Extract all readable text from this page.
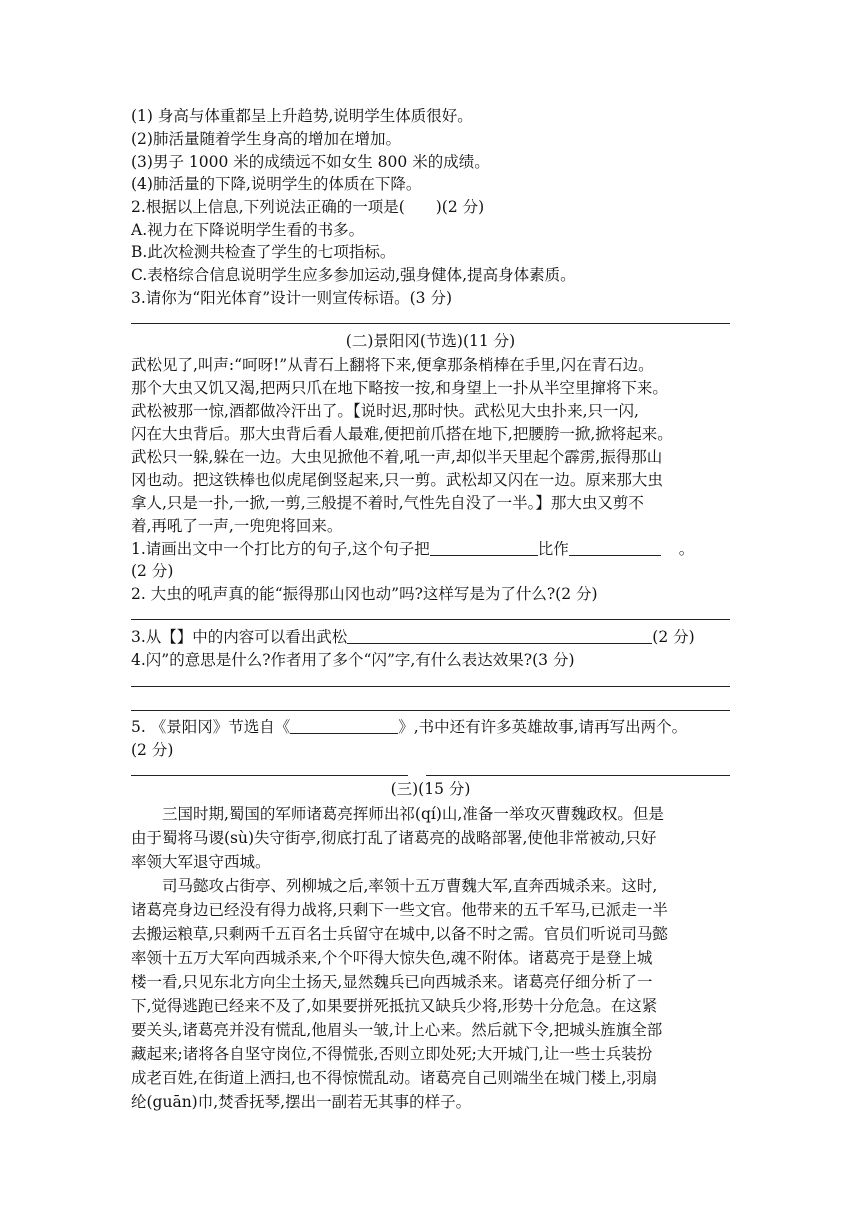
(1) 身高与体重都呈上升趋势,说明学生体质很好。
(2)肺活量随着学生身高的增加在增加。
(3)男子 1000 米的成绩远不如女生 800 米的成绩。
(4)肺活量的下降,说明学生的体质在下降。
2.根据以上信息,下列说法正确的一项是(　　)(2 分)
A.视力在下降说明学生看的书多。
B.此次检测共检查了学生的七项指标。
C.表格综合信息说明学生应多参加运动,强身健体,提高身体素质。
3.请你为“阳光体育”设计一则宣传标语。(3 分)
(二)景阳冈(节选)(11 分)
武松见了,叫声:“呵呀!”从青石上翻将下来,便拿那条梢棒在手里,闪在青石边。
那个大虫又饥又渴,把两只爪在地下略按一按,和身望上一扑从半空里撺将下来。
武松被那一惊,酒都做冷汗出了。【说时迟,那时快。武松见大虫扑来,只一闪,
闪在大虫背后。那大虫背后看人最难,便把前爪搭在地下,把腰胯一掀,掀将起来。
武松只一躲,躲在一边。大虫见掀他不着,吼一声,却似半天里起个霹雳,振得那山
冈也动。把这铁棒也似虎尾倒竖起来,只一剪。武松却又闪在一边。原来那大虫
拿人,只是一扑,一掀,一剪,三般提不着时,气性先自没了一半。】那大虫又剪不
着,再吼了一声,一兜兜将回来。
1.请画出文中一个打比方的句子,这个句子把	比作	。
(2 分)
2. 大虫的吼声真的能“振得那山冈也动”吗?这样写是为了什么?(2 分)
3.从【】中的内容可以看出武松	(2 分)
4.闪”的意思是什么?作者用了多个“闪”字,有什么表达效果?(3 分)
5. 《景阳冈》节选自《	》,书中还有许多英雄故事,请再写出两个。
(2 分)
(三)(15 分)
　　三国时期,蜀国的军师诸葛亮挥师出祁(qí)山,准备一举攻灭曹魏政权。但是
由于蜀将马谡(sù)失守街亭,彻底打乱了诸葛亮的战略部署,使他非常被动,只好
率领大军退守西城。
　　司马懿攻占街亭、列柳城之后,率领十五万曹魏大军,直奔西城杀来。这时,
诸葛亮身边已经没有得力战将,只剩下一些文官。他带来的五千军马,已派走一半
去搬运粮草,只剩两千五百名士兵留守在城中,以备不时之需。官员们听说司马懿
率领十五万大军向西城杀来,个个吓得大惊失色,魂不附体。诸葛亮于是登上城
楼一看,只见东北方向尘土扬天,显然魏兵已向西城杀来。诸葛亮仔细分析了一
下,觉得逃跑已经来不及了,如果要拼死抵抗又缺兵少将,形势十分危急。在这紧
要关头,诸葛亮并没有慌乱,他眉头一皱,计上心来。然后就下令,把城头旌旗全部
藏起来;诸将各自坚守岗位,不得慌张,否则立即处死;大开城门,让一些士兵装扮
成老百姓,在街道上洒扫,也不得惊慌乱动。诸葛亮自己则端坐在城门楼上,羽扇
纶(guān)巾,焚香抚琴,摆出一副若无其事的样子。
